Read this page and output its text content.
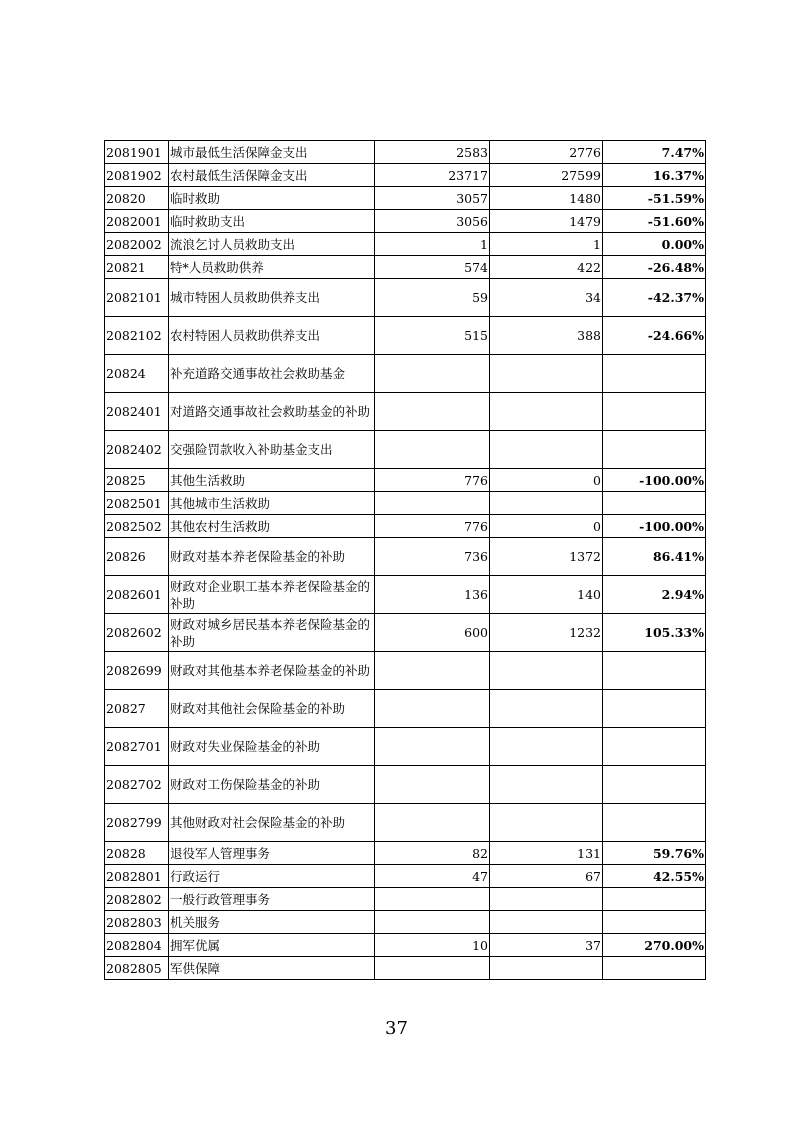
2081901	城市最低生活保障金支出	2583	2776	7.47%
2081902	农村最低生活保障金支出	23717	27599	16.37%
20820	临时救助	3057	1480	-51.59%
2082001	临时救助支出	3056	1479	-51.60%
2082002	流浪乞讨人员救助支出	1	1	0.00%
20821	特*人员救助供养	574	422	-26.48%
2082101	城市特困人员救助供养支出	59	34	-42.37%
2082102	农村特困人员救助供养支出	515	388	-24.66%
20824	补充道路交通事故社会救助基金			
2082401	对道路交通事故社会救助基金的补助			
2082402	交强险罚款收入补助基金支出			
20825	其他生活救助	776	0	-100.00%
2082501	其他城市生活救助			
2082502	其他农村生活救助	776	0	-100.00%
20826	财政对基本养老保险基金的补助	736	1372	86.41%
2082601	财政对企业职工基本养老保险基金的补助	136	140	2.94%
2082602	财政对城乡居民基本养老保险基金的补助	600	1232	105.33%
2082699	财政对其他基本养老保险基金的补助			
20827	财政对其他社会保险基金的补助			
2082701	财政对失业保险基金的补助			
2082702	财政对工伤保险基金的补助			
2082799	其他财政对社会保险基金的补助			
20828	退役军人管理事务	82	131	59.76%
2082801	行政运行	47	67	42.55%
2082802	一般行政管理事务			
2082803	机关服务			
2082804	拥军优属	10	37	270.00%
2082805	军供保障			
37
